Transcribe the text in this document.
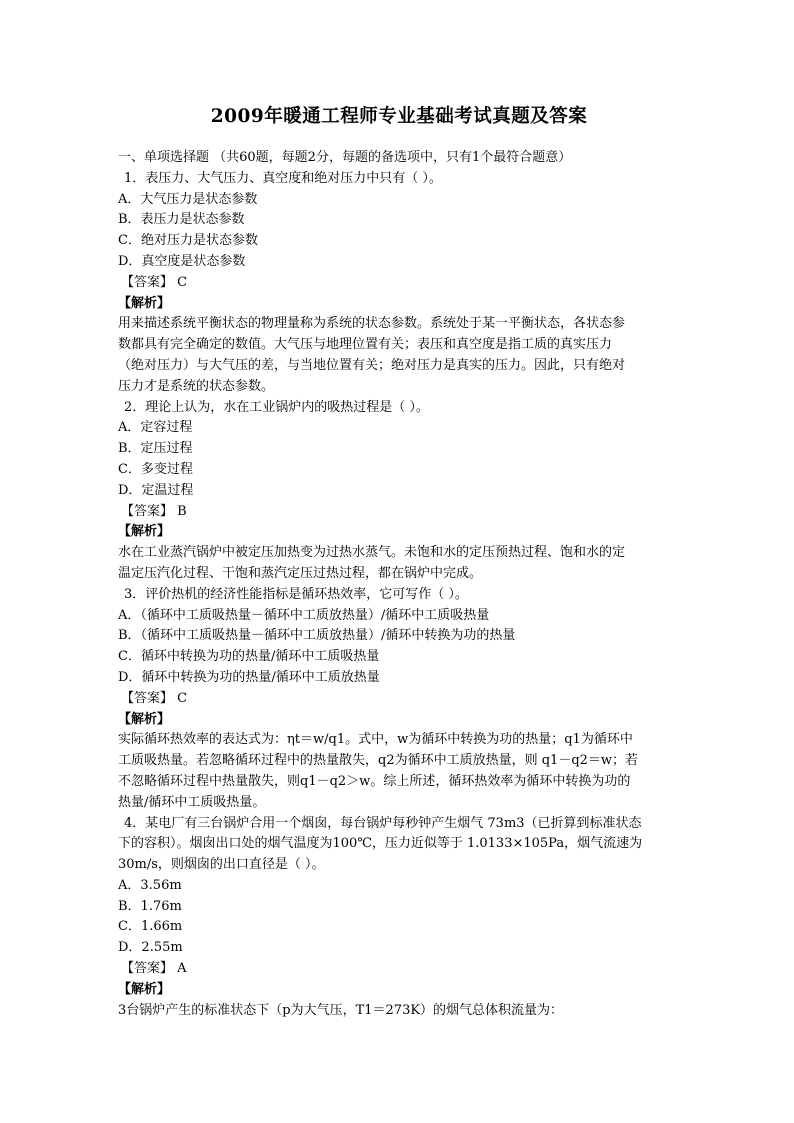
2009年暖通工程师专业基础考试真题及答案
一、单项选择题 （共60题，每题2分，每题的备选项中，只有1个最符合题意）
1．表压力、大气压力、真空度和绝对压力中只有（ ）。
A．大气压力是状态参数
B．表压力是状态参数
C．绝对压力是状态参数
D．真空度是状态参数
【答案】 C
【解析】
用来描述系统平衡状态的物理量称为系统的状态参数。系统处于某一平衡状态，各状态参
数都具有完全确定的数值。大气压与地理位置有关；表压和真空度是指工质的真实压力
（绝对压力）与大气压的差，与当地位置有关；绝对压力是真实的压力。因此，只有绝对
压力才是系统的状态参数。
2．理论上认为，水在工业锅炉内的吸热过程是（ ）。
A．定容过程
B．定压过程
C．多变过程
D．定温过程
【答案】 B
【解析】
水在工业蒸汽锅炉中被定压加热变为过热水蒸气。未饱和水的定压预热过程、饱和水的定
温定压汽化过程、干饱和蒸汽定压过热过程，都在锅炉中完成。
3．评价热机的经济性能指标是循环热效率，它可写作（ ）。
A．（循环中工质吸热量－循环中工质放热量）/循环中工质吸热量
B．（循环中工质吸热量－循环中工质放热量）/循环中转换为功的热量
C．循环中转换为功的热量/循环中工质吸热量
D．循环中转换为功的热量/循环中工质放热量
【答案】 C
【解析】
实际循环热效率的表达式为：ηt＝w/q1。式中，w为循环中转换为功的热量；q1为循环中
工质吸热量。若忽略循环过程中的热量散失，q2为循环中工质放热量，则 q1－q2＝w；若
不忽略循环过程中热量散失，则q1－q2＞w。综上所述，循环热效率为循环中转换为功的
热量/循环中工质吸热量。
4．某电厂有三台锅炉合用一个烟囱，每台锅炉每秒钟产生烟气 73m3（已折算到标准状态
下的容积）。烟囱出口处的烟气温度为100℃，压力近似等于 1.0133×105Pa，烟气流速为
30m/s，则烟囱的出口直径是（ ）。
A．3.56m
B．1.76m
C．1.66m
D．2.55m
【答案】 A
【解析】
3台锅炉产生的标准状态下（p为大气压，T1＝273K）的烟气总体积流量为：
